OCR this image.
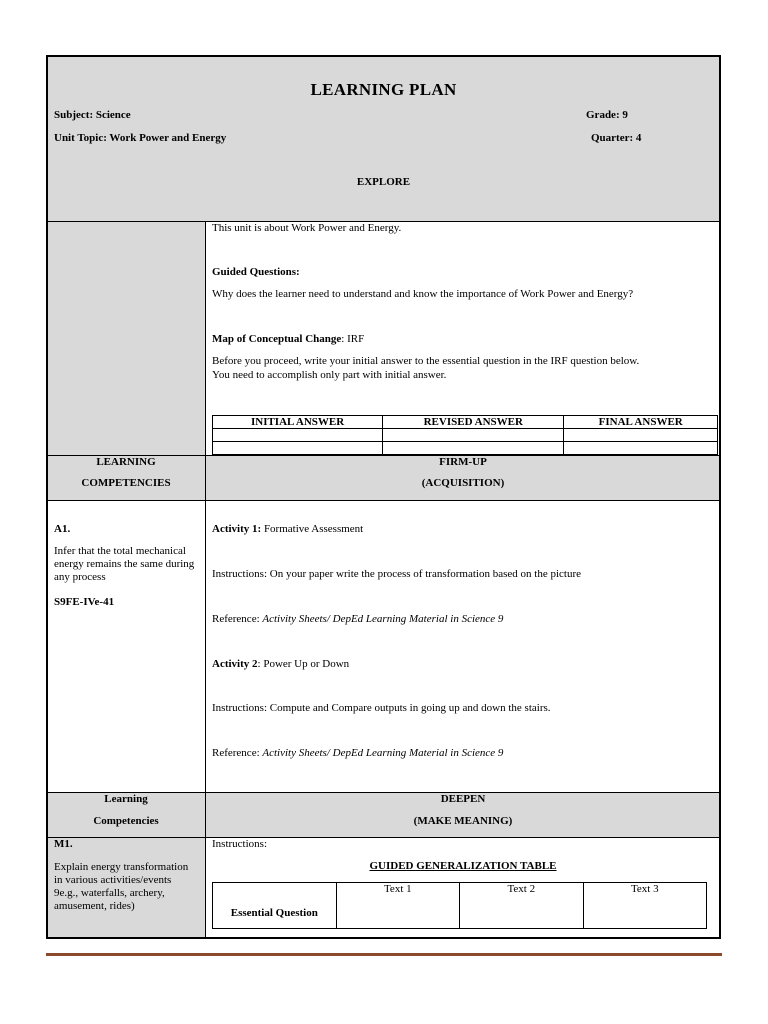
LEARNING PLAN
Subject: Science	Grade: 9
Unit Topic: Work Power and Energy	Quarter: 4
EXPLORE
This unit is about Work Power and Energy.
Guided Questions:
Why does the learner need to understand and know the importance of Work Power and Energy?
Map of Conceptual Change: IRF
Before you proceed, write your initial answer to the essential question in the IRF question below.
You need to accomplish only part with initial answer.
INITIAL ANSWER	REVISED ANSWER	FINAL ANSWER

LEARNING
COMPETENCIES
FIRM-UP
(ACQUISITION)
A1.
Infer that the total mechanical energy remains the same during any process
S9FE-IVe-41
Activity 1: Formative Assessment
Instructions: On your paper write the process of transformation based on the picture
Reference: Activity Sheets/ DepEd Learning Material in Science 9
Activity 2: Power Up or Down
Instructions: Compute and Compare outputs in going up and down the stairs.
Reference: Activity Sheets/ DepEd Learning Material in Science 9
Learning
Competencies
DEEPEN
(MAKE MEANING)
M1.
Explain energy transformation in various activities/events 9e.g., waterfalls, archery, amusement, rides)
Instructions:
GUIDED GENERALIZATION TABLE
Essential Question	Text 1	Text 2	Text 3
